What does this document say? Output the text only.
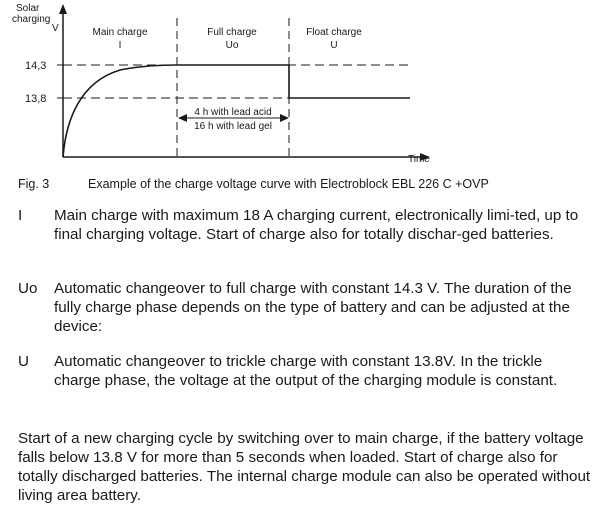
Solar
charging
V
Time
14,3
13,8
Main charge
I
Full charge
Uo
Float charge
U
4 h with lead acid
16 h with lead gel
Fig. 3	Example of the charge voltage curve with Electroblock EBL 226 C +OVP
I	Main charge with maximum 18 A charging current, electronically limi-ted, up to final charging voltage. Start of charge also for totally dischar-ged batteries.
Uo	Automatic changeover to full charge with constant 14.3 V. The duration of the fully charge phase depends on the type of battery and can be adjusted at the device:
U	Automatic changeover to trickle charge with constant 13.8V. In the trickle charge phase, the voltage at the output of the charging module is constant.
Start of a new charging cycle by switching over to main charge, if the battery voltage falls below 13.8 V for more than 5 seconds when loaded. Start of charge also for totally discharged batteries. The internal charge module can also be operated without living area battery.
